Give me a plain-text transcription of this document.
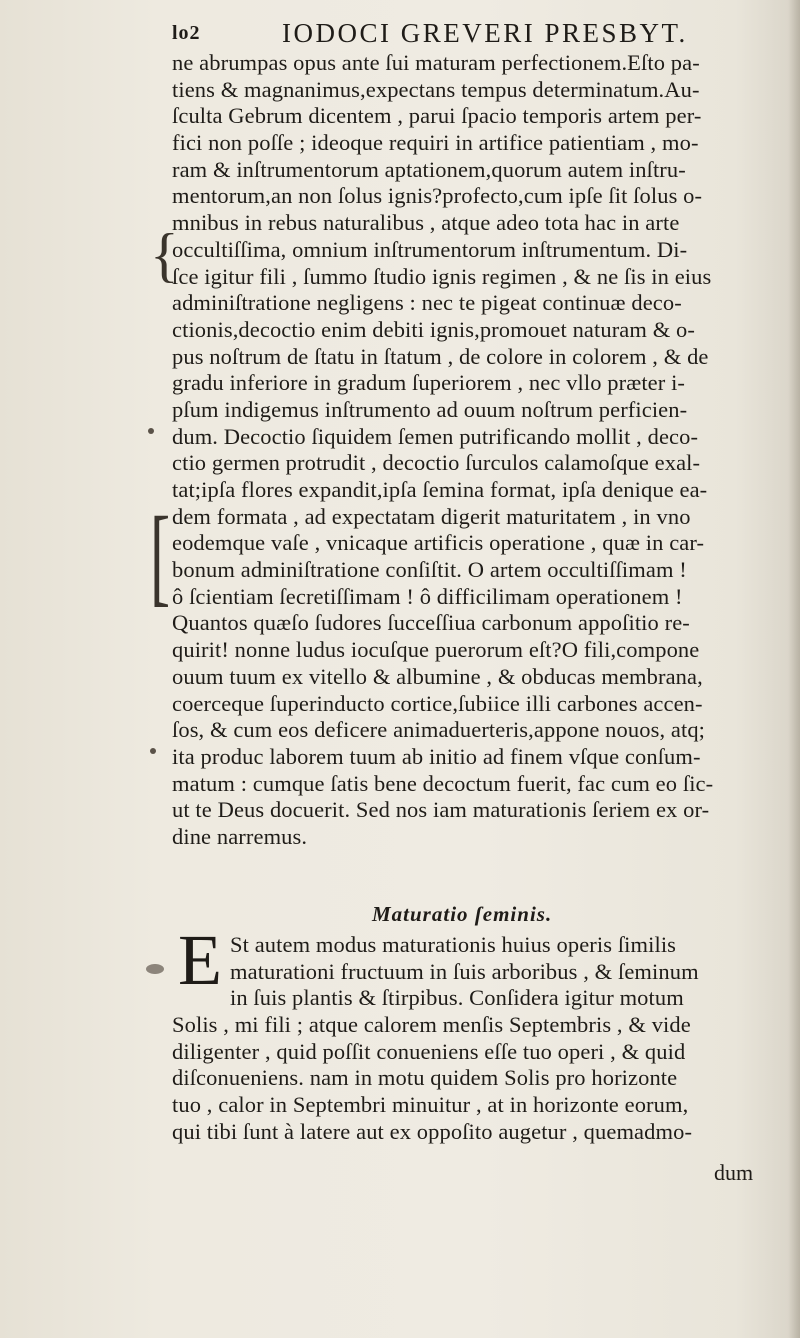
lo2	IODOCI GREVERI PRESBYT.
{
[
ne abrumpas opus ante ſui maturam perfectionem.Eſto pa-
tiens & magnanimus,expectans tempus determinatum.Au-
ſculta Gebrum dicentem , parui ſpacio temporis artem per-
fici non poſſe ; ideoque requiri in artifice patientiam , mo-
ram & inſtrumentorum aptationem,quorum autem inſtru-
mentorum,an non ſolus ignis?profecto,cum ipſe ſit ſolus o-
mnibus in rebus naturalibus , atque adeo tota hac in arte
occultiſſima, omnium inſtrumentorum inſtrumentum. Di-
ſce igitur fili , ſummo ſtudio ignis regimen , & ne ſis in eius
adminiſtratione negligens : nec te pigeat continuæ deco-
ctionis,decoctio enim debiti ignis,promouet naturam & o-
pus noſtrum de ſtatu in ſtatum , de colore in colorem , & de
gradu inferiore in gradum ſuperiorem , nec vllo præter i-
pſum indigemus inſtrumento ad ouum noſtrum perficien-
dum. Decoctio ſiquidem ſemen putrificando mollit , deco-
ctio germen protrudit , decoctio ſurculos calamoſque exal-
tat;ipſa flores expandit,ipſa ſemina format, ipſa denique ea-
dem formata , ad expectatam digerit maturitatem , in vno
eodemque vaſe , vnicaque artificis operatione , quæ in car-
bonum adminiſtratione conſiſtit. O artem occultiſſimam !
ô ſcientiam ſecretiſſimam ! ô difficilimam operationem !
Quantos quæſo ſudores ſucceſſiua carbonum appoſitio re-
quirit! nonne ludus iocuſque puerorum eſt?O fili,compone
ouum tuum ex vitello & albumine , & obducas membrana,
coerceque ſuperinducto cortice,ſubiice illi carbones accen-
ſos, & cum eos deficere animaduerteris,appone nouos, atq;
ita produc laborem tuum ab initio ad finem vſque conſum-
matum : cumque ſatis bene decoctum fuerit, fac cum eo ſic-
ut te Deus docuerit. Sed nos iam maturationis ſeriem ex or-
dine narremus.
Maturatio ſeminis.
E St autem modus maturationis huius operis ſimilis
maturationi fructuum in ſuis arboribus , & ſeminum
in ſuis plantis & ſtirpibus. Conſidera igitur motum
Solis , mi fili ; atque calorem menſis Septembris , & vide
diligenter , quid poſſit conueniens eſſe tuo operi , & quid
diſconueniens. nam in motu quidem Solis pro horizonte
tuo , calor in Septembri minuitur , at in horizonte eorum,
qui tibi ſunt à latere aut ex oppoſito augetur , quemadmo-
dum
